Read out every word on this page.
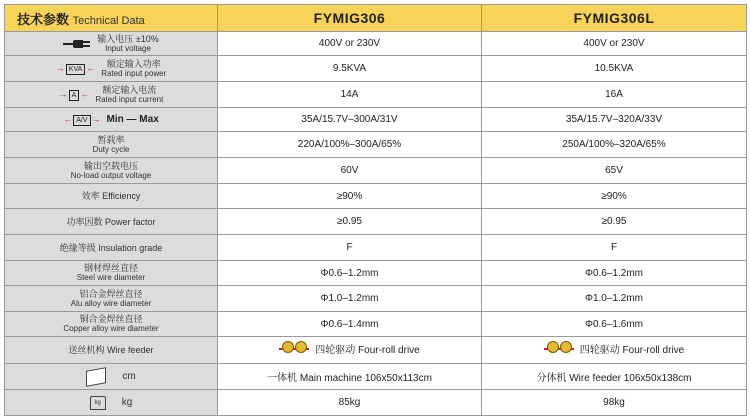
技术参数 Technical Data	FYMIG306	FYMIG306L

输入电压 ±10%
Input voltage	400V or 230V	400V or 230V

→ KVA ← 额定输入功率
Rated input power	9.5KVA	10.5KVA

→ A ← 额定输入电流
Rated input current	14A	16A

← A/V → Min — Max	35A/15.7V–300A/31V	35A/15.7V–320A/33V

暂载率
Duty cycle	220A/100%–300A/65%	250A/100%–320A/65%

输出空载电压
No-load output voltage	60V	65V
效率 Efficiency	≥90%	≥90%
功率因数 Power factor	≥0.95	≥0.95
绝缘等级 Insulation grade	F	F

钢材焊丝直径
Steel wire diameter	Φ0.6–1.2mm	Φ0.6–1.2mm

铝合金焊丝直径
Alu alloy wire diameter	Φ1.0–1.2mm	Φ1.0–1.2mm

铜合金焊丝直径
Copper alloy wire diameter	Φ0.6–1.4mm	Φ0.6–1.6mm
送丝机构 Wire feeder	四轮驱动 Four-roll drive	四轮驱动 Four-roll drive

cm	一体机 Main machine 106x50x113cm	分体机 Wire feeder 106x50x138cm

kg kg	85kg	98kg
